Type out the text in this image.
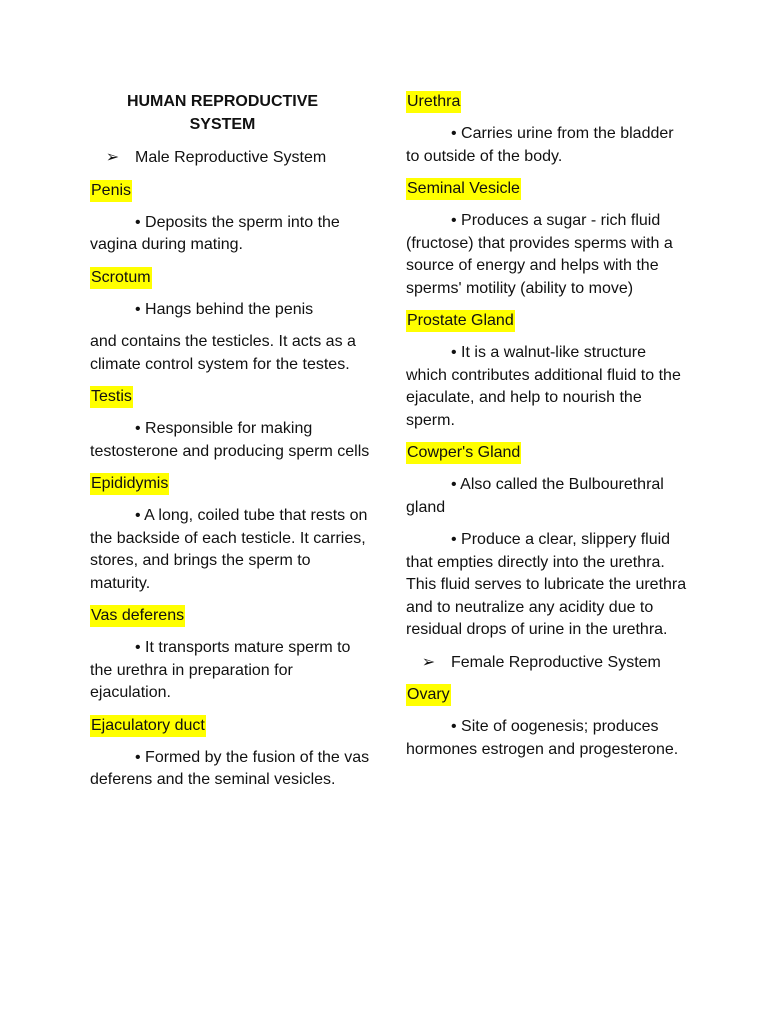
HUMAN REPRODUCTIVE
SYSTEM
➢ Male Reproductive System
Penis
• Deposits the sperm into the vagina during mating.
Scrotum
• Hangs behind the penis
and contains the testicles. It acts as a climate control system for the testes.
Testis
• Responsible for making testosterone and producing sperm cells
Epididymis
• A long, coiled tube that rests on the backside of each testicle. It carries, stores, and brings the sperm to maturity.
Vas deferens
• It transports mature sperm to the urethra in preparation for ejaculation.
Ejaculatory duct
• Formed by the fusion of the vas deferens and the seminal vesicles.
Urethra
• Carries urine from the bladder to outside of the body.
Seminal Vesicle
• Produces a sugar - rich fluid (fructose) that provides sperms with a source of energy and helps with the sperms' motility (ability to move)
Prostate Gland
• It is a walnut-like structure which contributes additional fluid to the ejaculate, and help to nourish the sperm.
Cowper's Gland
• Also called the Bulbourethral gland
• Produce a clear, slippery fluid that empties directly into the urethra. This fluid serves to lubricate the urethra and to neutralize any acidity due to residual drops of urine in the urethra.
➢ Female Reproductive System
Ovary
• Site of oogenesis; produces hormones estrogen and progesterone.
